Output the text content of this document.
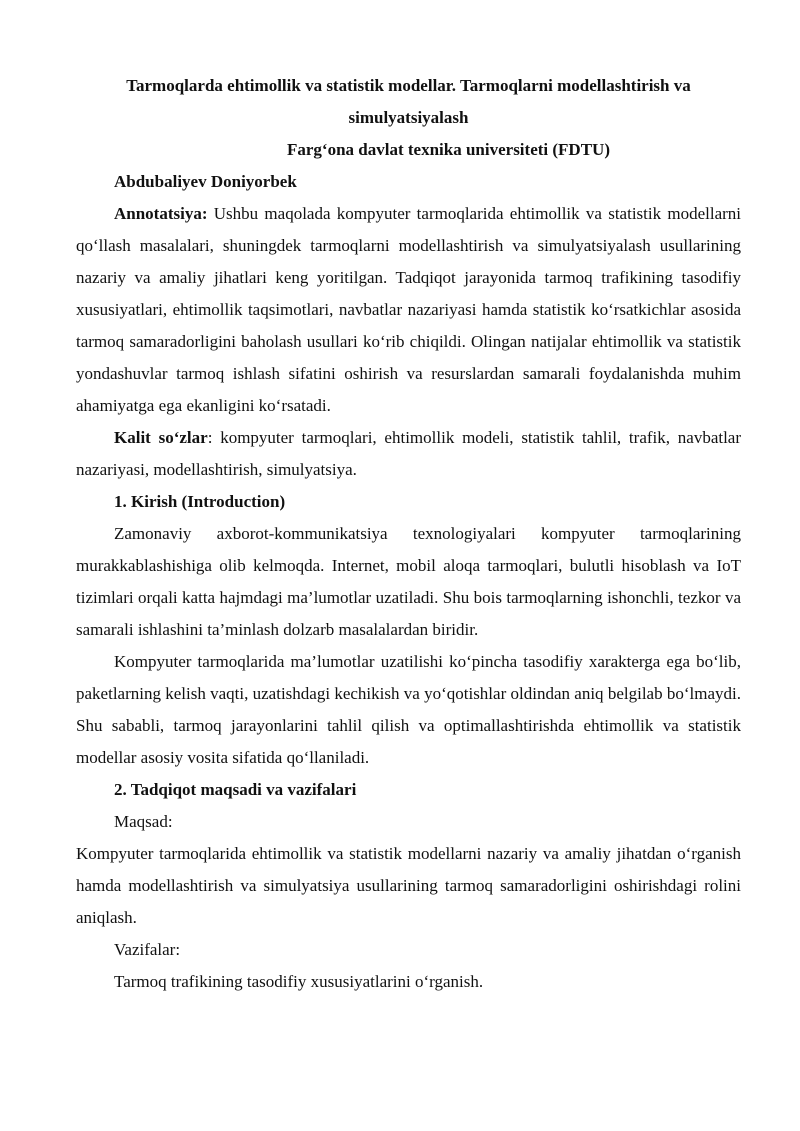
Tarmoqlarda ehtimollik va statistik modellar. Tarmoqlarni modellashtirish va
simulyatsiyalash
Farg‘ona davlat texnika universiteti (FDTU)

Abdubaliyev Doniyorbek

Annotatsiya: Ushbu maqolada kompyuter tarmoqlarida ehtimollik va statistik modellarni qo‘llash masalalari, shuningdek tarmoqlarni modellashtirish va simulyatsiyalash usullarining nazariy va amaliy jihatlari keng yoritilgan. Tadqiqot jarayonida tarmoq trafikining tasodifiy xususiyatlari, ehtimollik taqsimotlari, navbatlar nazariyasi hamda statistik ko‘rsatkichlar asosida tarmoq samaradorligini baholash usullari ko‘rib chiqildi. Olingan natijalar ehtimollik va statistik yondashuvlar tarmoq ishlash sifatini oshirish va resurslardan samarali foydalanishda muhim ahamiyatga ega ekanligini ko‘rsatadi.

Kalit so‘zlar: kompyuter tarmoqlari, ehtimollik modeli, statistik tahlil, trafik, navbatlar nazariyasi, modellashtirish, simulyatsiya.

1. Kirish (Introduction)

Zamonaviy axborot-kommunikatsiya texnologiyalari kompyuter tarmoqlarining murakkablashishiga olib kelmoqda. Internet, mobil aloqa tarmoqlari, bulutli hisoblash va IoT tizimlari orqali katta hajmdagi ma’lumotlar uzatiladi. Shu bois tarmoqlarning ishonchli, tezkor va samarali ishlashini ta’minlash dolzarb masalalardan biridir.

Kompyuter tarmoqlarida ma’lumotlar uzatilishi ko‘pincha tasodifiy xarakterga ega bo‘lib, paketlarning kelish vaqti, uzatishdagi kechikish va yo‘qotishlar oldindan aniq belgilab bo‘lmaydi. Shu sababli, tarmoq jarayonlarini tahlil qilish va optimallashtirishda ehtimollik va statistik modellar asosiy vosita sifatida qo‘llaniladi.

2. Tadqiqot maqsadi va vazifalari

Maqsad:

Kompyuter tarmoqlarida ehtimollik va statistik modellarni nazariy va amaliy jihatdan o‘rganish hamda modellashtirish va simulyatsiya usullarining tarmoq samaradorligini oshirishdagi rolini aniqlash.

Vazifalar:

Tarmoq trafikining tasodifiy xususiyatlarini o‘rganish.
